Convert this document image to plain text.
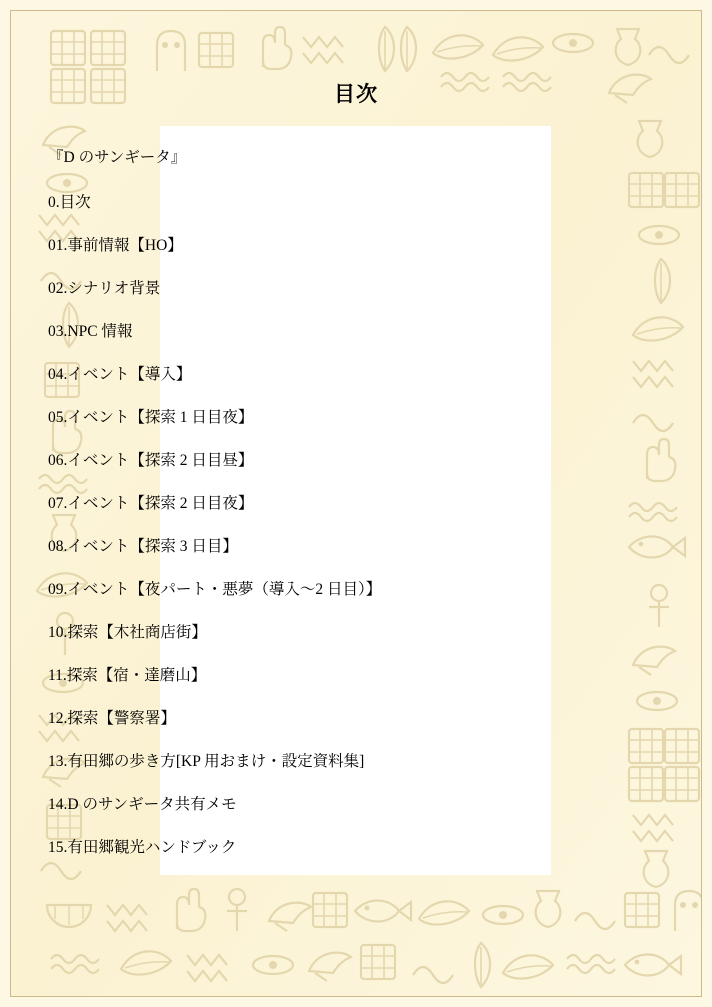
目次

『D のサンギータ』

0.目次

01.事前情報【HO】

02.シナリオ背景

03.NPC 情報

04.イベント【導入】

05.イベント【探索 1 日目夜】

06.イベント【探索 2 日目昼】

07.イベント【探索 2 日目夜】

08.イベント【探索 3 日目】

09.イベント【夜パート・悪夢（導入〜2 日目）】

10.探索【木社商店街】

11.探索【宿・達磨山】

12.探索【警察署】

13.有田郷の歩き方[KP 用おまけ・設定資料集]

14.D のサンギータ共有メモ

15.有田郷観光ハンドブック
